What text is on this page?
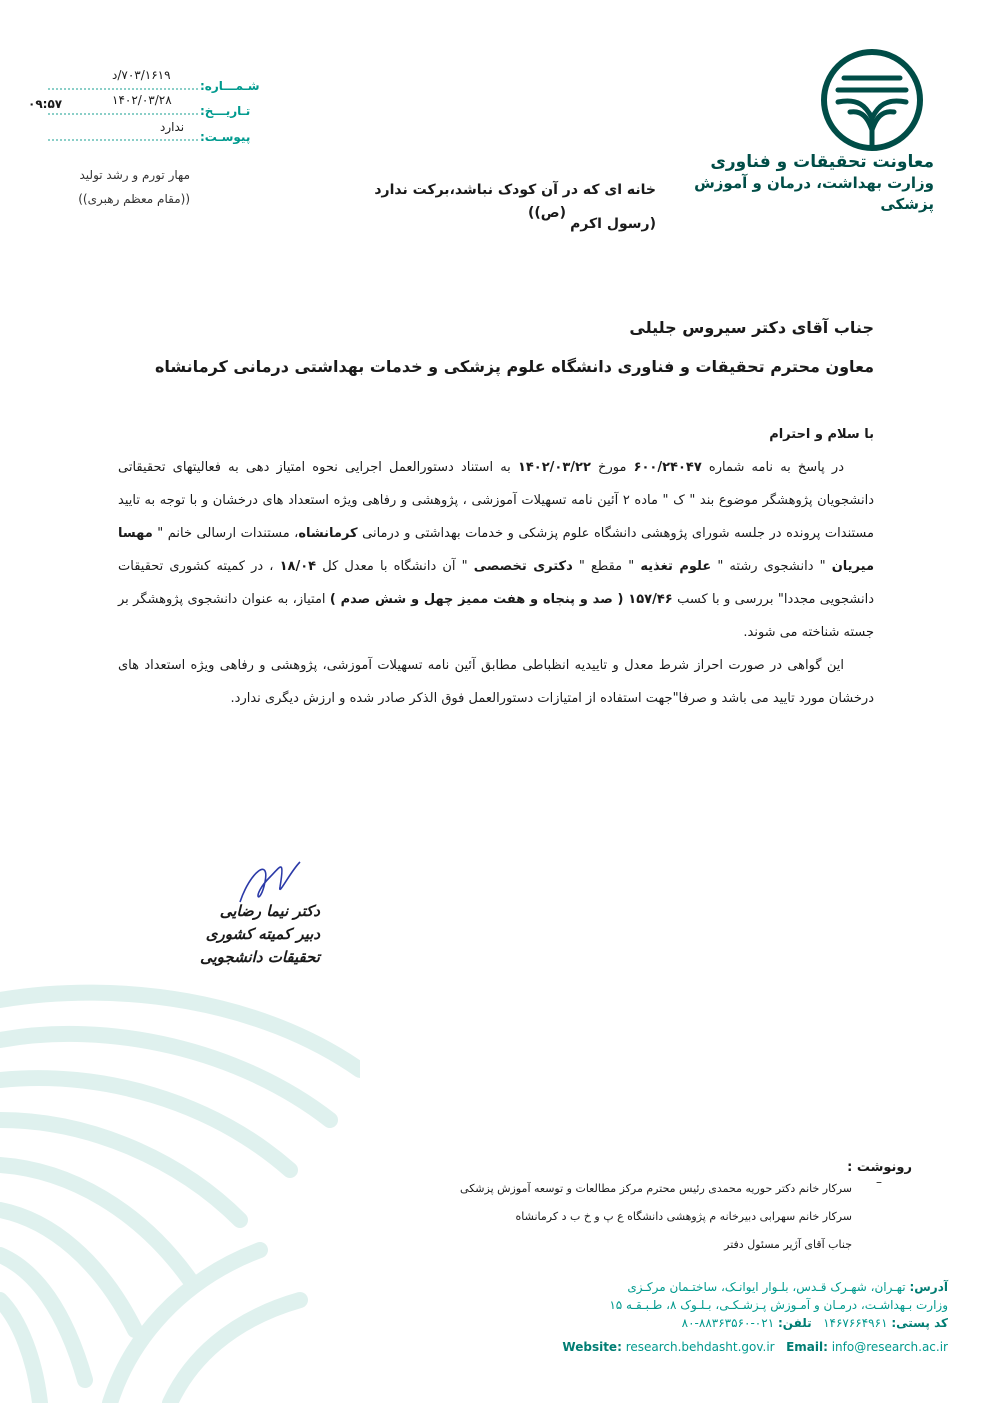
معاونت تحقیقات و فناوری
وزارت بهداشت، درمان و آموزش پزشکی
خانه ای که در آن کودک نباشد،برکت ندارد (رسول اکرم
(ص))
شـمـــاره:
۷۰۳/۱۶۱۹/د
تـاریـــخ:
۱۴۰۲/۰۳/۲۸
۰۹:۵۷
پیوسـت:
ندارد
مهار تورم و رشد تولید
((مقام معظم رهبری))
جناب آقای دکتر سیروس جلیلی
معاون محترم تحقیقات و فناوری دانشگاه علوم پزشکی و خدمات بهداشتی درمانی کرمانشاه
با سلام و احترام

در پاسخ به نامه شماره ۶۰۰/۲۴۰۴۷ مورخ ۱۴۰۲/۰۳/۲۲ به استناد دستورالعمل اجرایی نحوه امتیاز دهی به فعالیتهای تحقیقاتی دانشجویان پژوهشگر موضوع بند " ک " ماده ۲ آئین نامه تسهیلات آموزشی ، پژوهشی و رفاهی ویژه استعداد های درخشان و با توجه به تایید مستندات پرونده در جلسه شورای پژوهشی دانشگاه علوم پزشکی و خدمات بهداشتی و درمانی کرمانشاه، مستندات ارسالی خانم " مهسا میریان " دانشجوی رشته " علوم تغذیه " مقطع " دکتری تخصصی " آن دانشگاه با معدل کل ۱۸/۰۴ ، در کمیته کشوری تحقیقات دانشجویی مجددا" بررسی و با کسب ۱۵۷/۴۶ ( صد و پنجاه و هفت ممیز چهل و شش صدم ) امتیاز، به عنوان دانشجوی پژوهشگر بر جسته شناخته می شوند.

این گواهی در صورت احراز شرط معدل و تاییدیه انظباطی مطابق آئین نامه تسهیلات آموزشی، پژوهشی و رفاهی ویژه استعداد های درخشان مورد تایید می باشد و صرفا"جهت استفاده از امتیازات دستورالعمل فوق الذکر صادر شده و ارزش دیگری ندارد.

دکتر نیما رضایی
دبیر کمیته کشوری
تحقیقات دانشجویی
رونوشت :
–
سرکار خانم دکتر حوریه محمدی رئیس محترم مرکز مطالعات و توسعه آموزش پزشکی
سرکار خانم سهرابی دبیرخانه م پژوهشی دانشگاه ع پ و خ ب د کرمانشاه
جناب آقای آژیر مسئول دفتر
آدرس: تهـران، شهـرک قـدس، بلـوار ایوانـک، ساختـمان مرکـزی
وزارت بـهداشـت، درمـان و آمـوزش پـزشـکـی، بـلـوک ۸، طـبـقـه ۱۵
کد پستی: ۱۴۶۷۶۶۴۹۶۱   تلفن: ۰۲۱-۸۸۳۶۳۵۶۰-۸۰
Website: research.behdasht.gov.ir Email: info@research.ac.ir
